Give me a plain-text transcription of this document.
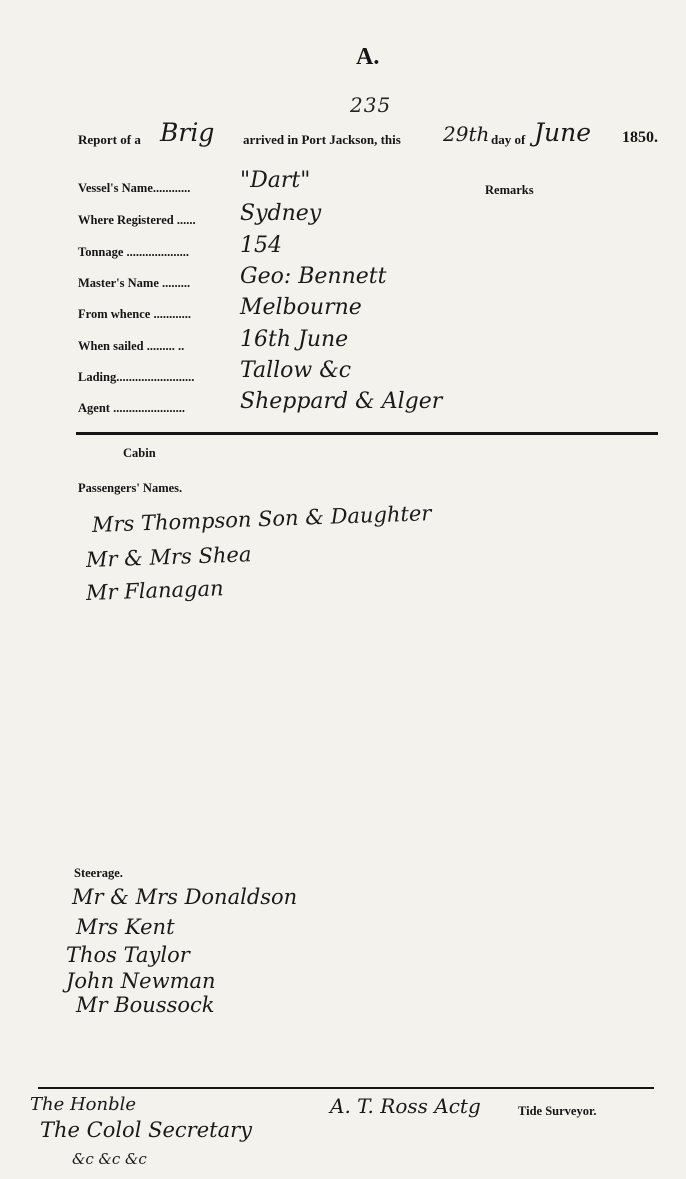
A.
235
Report of a Brig arrived in Port Jackson, this 29th day of June 1850.
Remarks
Vessel's Name............ "Dart"
Where Registered ...... Sydney
Tonnage .................... 154
Master's Name ......... Geo: Bennett
From whence ............ Melbourne
When sailed ......... ..	16th June
Lading......................... Tallow &c
Agent .......................	Sheppard & Alger
Cabin
Passengers' Names.
Mrs Thompson Son & Daughter
Mr & Mrs Shea
Mr Flanagan
Steerage.
Mr & Mrs Donaldson
Mrs Kent
Thos Taylor
John Newman
Mr Boussock
The Honble
The Colol Secretary
&c &c &c
A. T. Ross Actg	Tide Surveyor.
